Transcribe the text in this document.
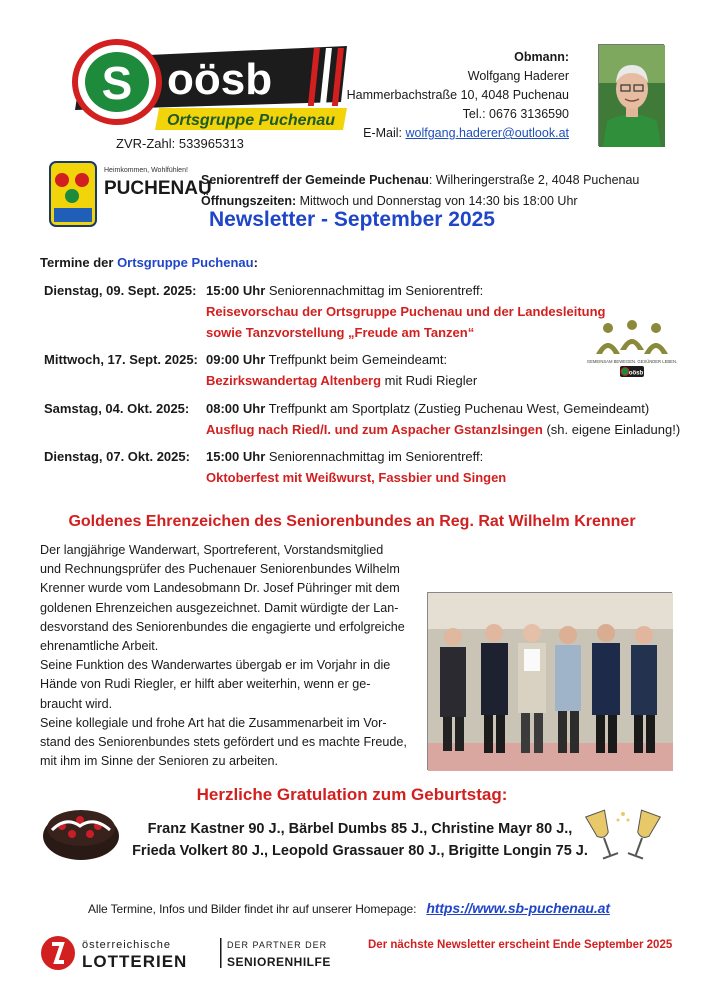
S oösb
Ortsgruppe Puchenau
ZVR-Zahl: 533965313
Obmann:
Wolfgang Haderer
Hammerbachstraße 10, 4048 Puchenau
Tel.: 0676 3136590
E-Mail: wolfgang.haderer@outlook.at
Heimkommen, Wohlfühlen!
PUCHENAU
Seniorentreff der Gemeinde Puchenau: Wilheringerstraße 2, 4048 Puchenau
Öffnungszeiten: Mittwoch und Donnerstag von 14:30 bis 18:00 Uhr
Newsletter - September 2025
Termine der Ortsgruppe Puchenau:
Dienstag, 09. Sept. 2025: 15:00 Uhr Seniorennachmittag im Seniorentreff:
Reisevorschau der Ortsgruppe Puchenau und der Landesleitung
sowie Tanzvorstellung „Freude am Tanzen“
Mittwoch, 17. Sept. 2025: 09:00 Uhr Treffpunkt beim Gemeindeamt:
Bezirkswandertag Altenberg mit Rudi Riegler
Samstag, 04. Okt. 2025: 08:00 Uhr Treffpunkt am Sportplatz (Zustieg Puchenau West, Gemeindeamt)
Ausflug nach Ried/I. und zum Aspacher Gstanzlsingen (sh. eigene Einladung!)
Dienstag, 07. Okt. 2025: 15:00 Uhr Seniorennachmittag im Seniorentreff:
Oktoberfest mit Weißwurst, Fassbier und Singen
GEMEINSAM BEWEGEN. GESÜNDER LEBEN.
oösb
Goldenes Ehrenzeichen des Seniorenbundes an Reg. Rat Wilhelm Krenner

Der langjährige Wanderwart, Sportreferent, Vorstandsmitglied

und Rechnungsprüfer des Puchenauer Seniorenbundes Wilhelm

Krenner wurde vom Landesobmann Dr. Josef Pühringer mit dem

goldenen Ehrenzeichen ausgezeichnet. Damit würdigte der Lan-

desvorstand des Seniorenbundes die engagierte und erfolgreiche

ehrenamtliche Arbeit.

Seine Funktion des Wanderwartes übergab er im Vorjahr in die

Hände von Rudi Riegler, er hilft aber weiterhin, wenn er ge-

braucht wird.

Seine kollegiale und frohe Art hat die Zusammenarbeit im Vor-

stand des Seniorenbundes stets gefördert und es machte Freude,

mit ihm im Sinne der Senioren zu arbeiten.

Herzliche Gratulation zum Geburtstag:
Franz Kastner 90 J., Bärbel Dumbs 85 J., Christine Mayr 80 J.,
Frieda Volkert 80 J., Leopold Grassauer 80 J., Brigitte Longin 75 J.
Alle Termine, Infos und Bilder findet ihr auf unserer Homepage: https://www.sb-puchenau.at
österreichische
LOTTERIEN
DER PARTNER DER
SENIORENHILFE
Der nächste Newsletter erscheint Ende September 2025
